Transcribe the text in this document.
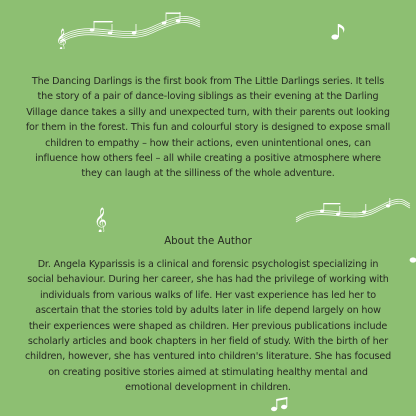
𝄞

The Dancing Darlings is the first book from The Little Darlings series. It tells the story of a pair of dance-loving siblings as their evening at the Darling Village dance takes a silly and unexpected turn, with their parents out looking for them in the forest. This fun and colourful story is designed to expose small children to empathy – how their actions, even unintentional ones, can influence how others feel – all while creating a positive atmosphere where they can laugh at the silliness of the whole adventure.

𝄞
About the Author

Dr. Angela Kyparissis is a clinical and forensic psychologist specializing in social behaviour. During her career, she has had the privilege of working with individuals from various walks of life. Her vast experience has led her to ascertain that the stories told by adults later in life depend largely on how their experiences were shaped as children. Her previous publications include scholarly articles and book chapters in her field of study. With the birth of her children, however, she has ventured into children's literature. She has focused on creating positive stories aimed at stimulating healthy mental and emotional development in children.
